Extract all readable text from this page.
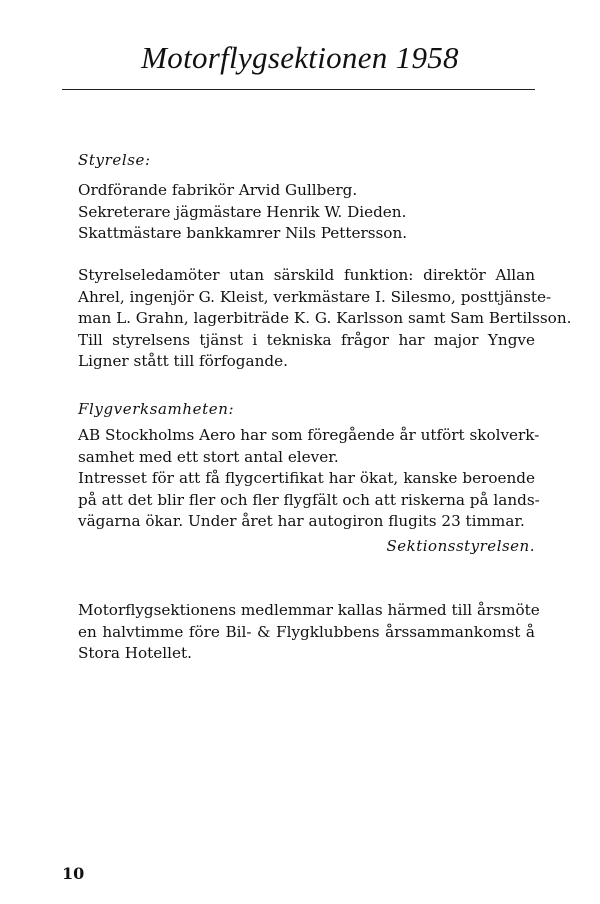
Motorflygsektionen 1958
Styrelse:
Ordförande fabrikör Arvid Gullberg.
Sekreterare jägmästare Henrik W. Dieden.
Skattmästare bankkamrer Nils Pettersson.
Styrelseledamöter utan särskild funktion: direktör Allan
Ahrel, ingenjör G. Kleist, verkmästare I. Silesmo, posttjänste-
man L. Grahn, lagerbiträde K. G. Karlsson samt Sam Bertilsson.
Till styrelsens tjänst i tekniska frågor har major Yngve
Ligner stått till förfogande.
Flygverksamheten:
AB Stockholms Aero har som föregående år utfört skolverk-
samhet med ett stort antal elever.
Intresset för att få flygcertifikat har ökat, kanske beroende
på att det blir fler och fler flygfält och att riskerna på lands-
vägarna ökar. Under året har autogiron flugits 23 timmar.
Sektionsstyrelsen.
Motorflygsektionens medlemmar kallas härmed till årsmöte
en halvtimme före Bil- & Flygklubbens årssammankomst å
Stora Hotellet.
10
